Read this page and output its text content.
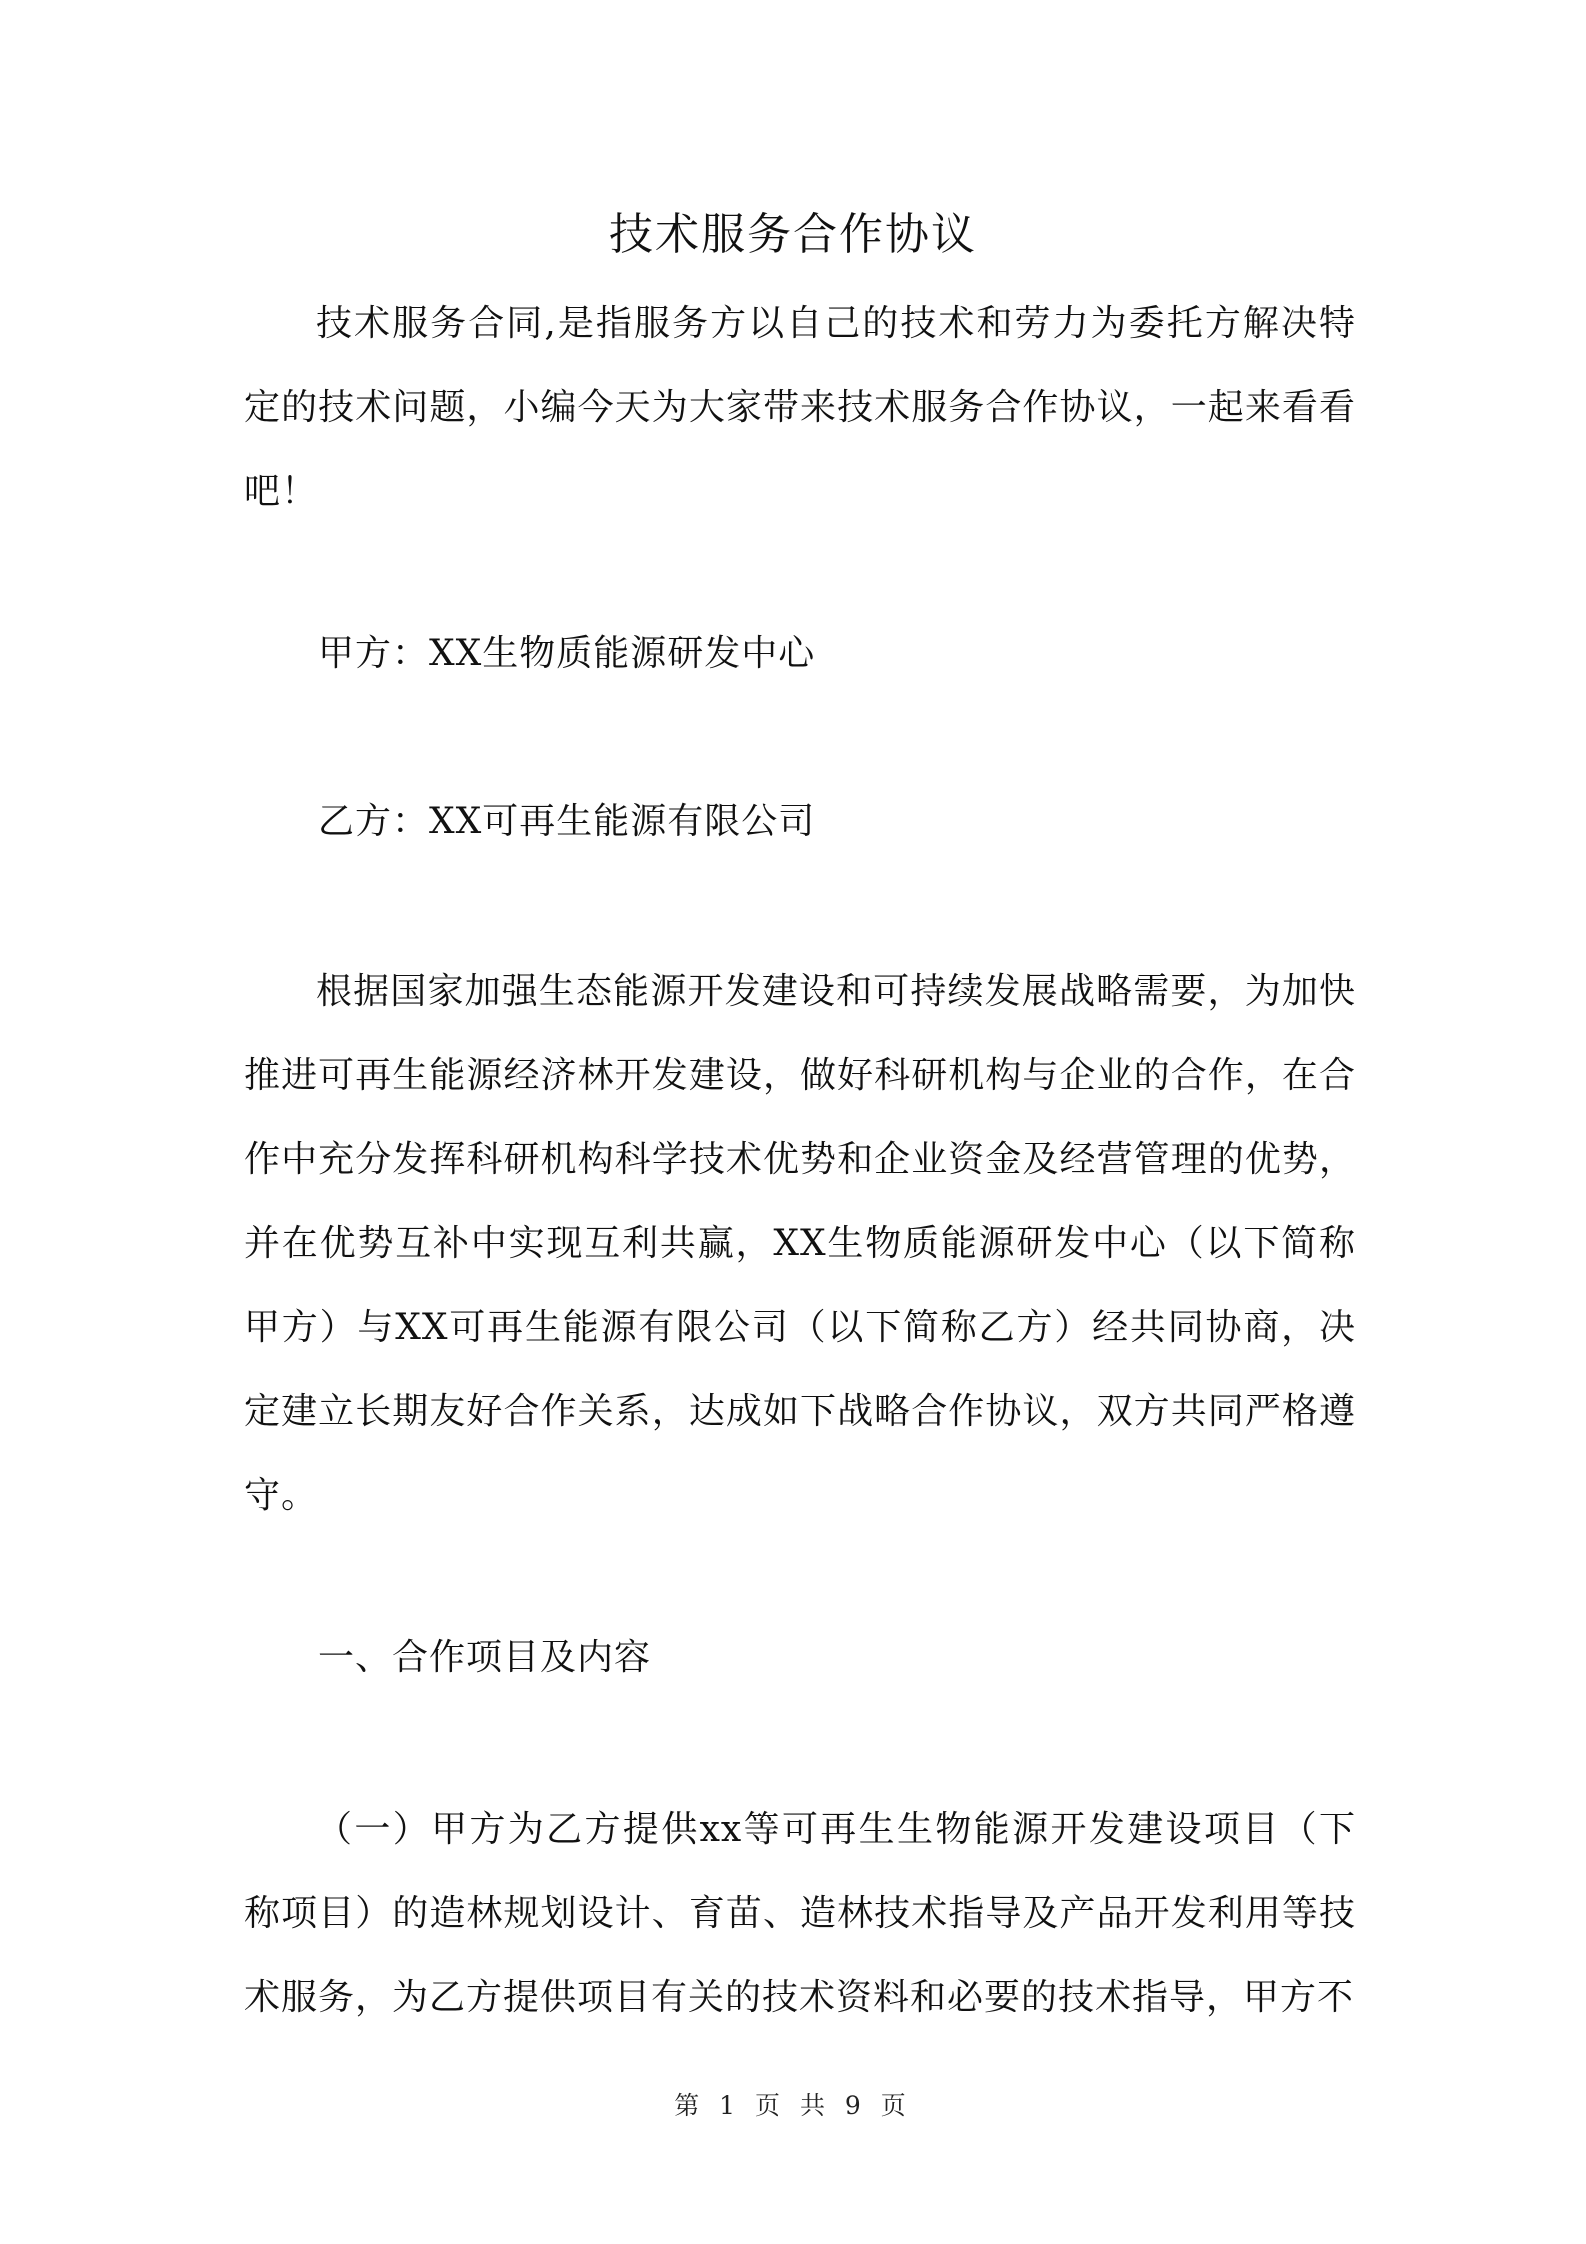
技术服务合作协议

技术服务合同,是指服务方以自己的技术和劳力为委托方解决特定的技术问题，小编今天为大家带来技术服务合作协议，一起来看看吧！

甲方：XX生物质能源研发中心

乙方：XX可再生能源有限公司

根据国家加强生态能源开发建设和可持续发展战略需要，为加快推进可再生能源经济林开发建设，做好科研机构与企业的合作，在合作中充分发挥科研机构科学技术优势和企业资金及经营管理的优势，并在优势互补中实现互利共赢，XX生物质能源研发中心（以下简称甲方）与XX可再生能源有限公司（以下简称乙方）经共同协商，决定建立长期友好合作关系，达成如下战略合作协议，双方共同严格遵守。

一、合作项目及内容

（一）甲方为乙方提供xx等可再生生物能源开发建设项目（下称项目）的造林规划设计、育苗、造林技术指导及产品开发利用等技术服务，为乙方提供项目有关的技术资料和必要的技术指导，甲方不

第 1 页 共 9 页
